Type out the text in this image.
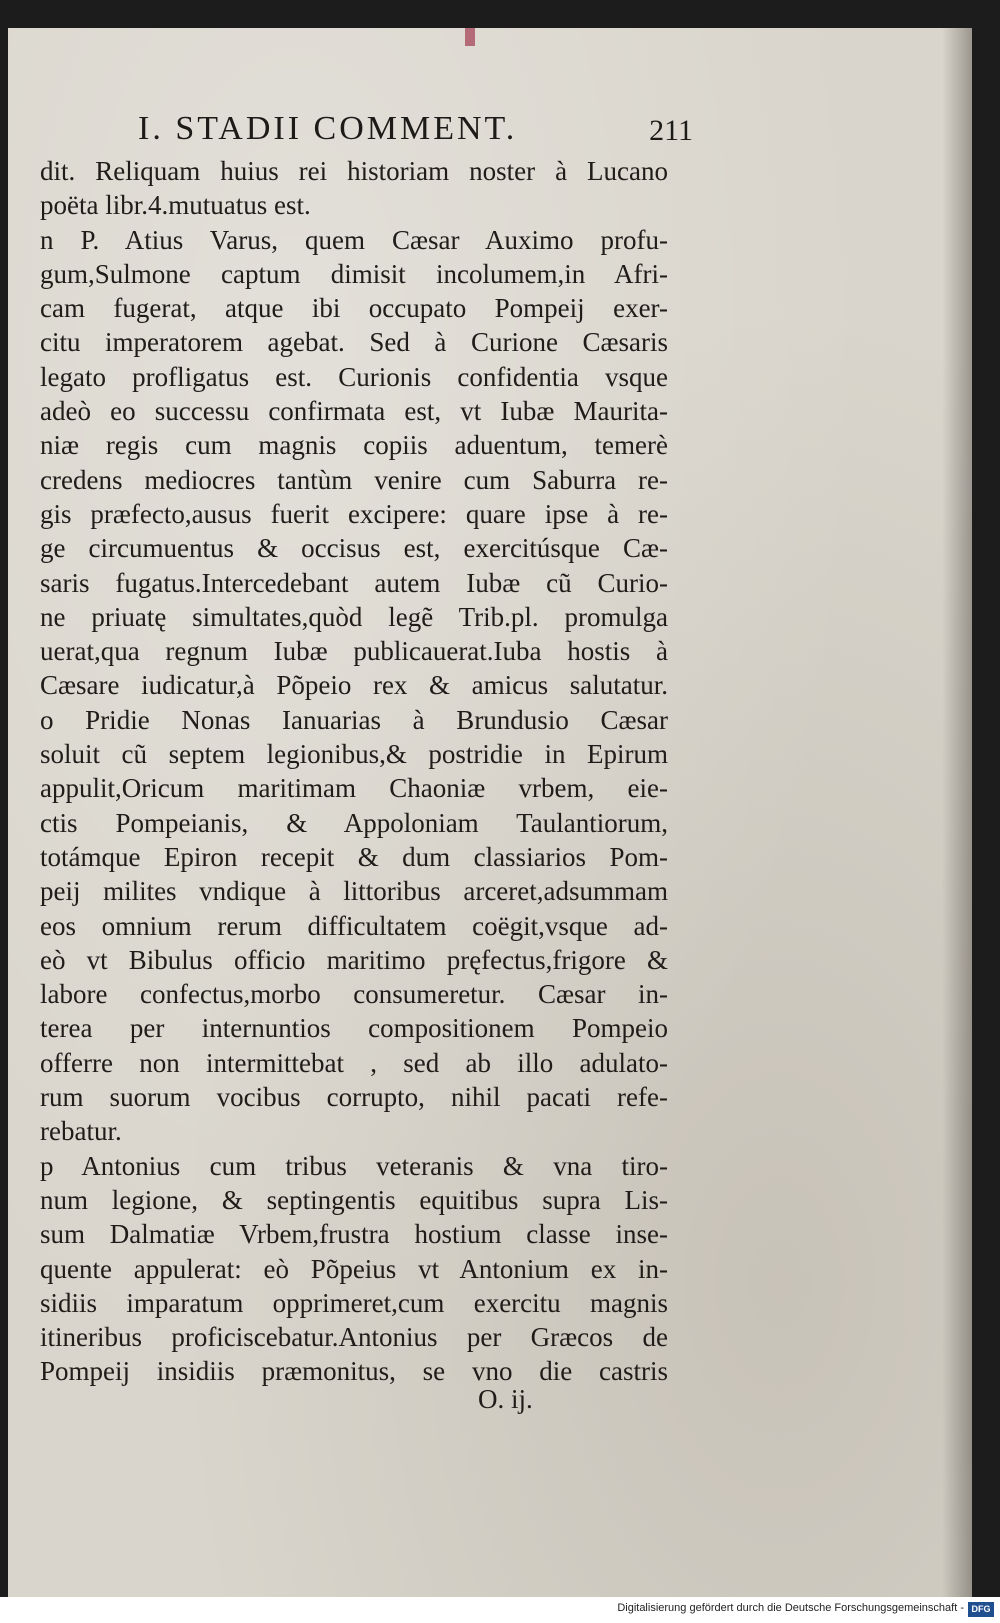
I. STADII COMMENT.	211
dit. Reliquam huius rei historiam noster à Lucano
poëta libr.4.mutuatus est.
n P. Atius Varus, quem Cæsar Auximo profu-
gum,Sulmone captum dimisit incolumem,in Afri-
cam fugerat, atque ibi occupato Pompeij exer-
citu imperatorem agebat. Sed à Curione Cæsaris
legato profligatus est. Curionis confidentia vsque
adeò eo successu confirmata est, vt Iubæ Maurita-
niæ regis cum magnis copiis aduentum, temerè
credens mediocres tantùm venire cum Saburra re-
gis præfecto,ausus fuerit excipere: quare ipse à re-
ge circumuentus & occisus est, exercitúsque Cæ-
saris fugatus.Intercedebant autem Iubæ cũ Curio-
ne priuatę simultates,quòd legẽ Trib.pl. promulga
uerat,qua regnum Iubæ publicauerat.Iuba hostis à
Cæsare iudicatur,à Põpeio rex & amicus salutatur.
o Pridie Nonas Ianuarias à Brundusio Cæsar
soluit cũ septem legionibus,& postridie in Epirum
appulit,Oricum maritimam Chaoniæ vrbem, eie-
ctis Pompeianis, & Appoloniam Taulantiorum,
totámque Epiron recepit & dum classiarios Pom-
peij milites vndique à littoribus arceret,adsummam
eos omnium rerum difficultatem coëgit,vsque ad-
eò vt Bibulus officio maritimo pręfectus,frigore &
labore confectus,morbo consumeretur. Cæsar in-
terea per internuntios compositionem Pompeio
offerre non intermittebat , sed ab illo adulato-
rum suorum vocibus corrupto, nihil pacati refe-
rebatur.
p Antonius cum tribus veteranis & vna tiro-
num legione, & septingentis equitibus supra Lis-
sum Dalmatiæ Vrbem,frustra hostium classe inse-
quente appulerat: eò Põpeius vt Antonium ex in-
sidiis imparatum opprimeret,cum exercitu magnis
itineribus proficiscebatur.Antonius per Græcos de
Pompeij insidiis præmonitus, se vno die castris
O. ij.
Digitalisierung gefördert durch die Deutsche Forschungsgemeinschaft - DFG
